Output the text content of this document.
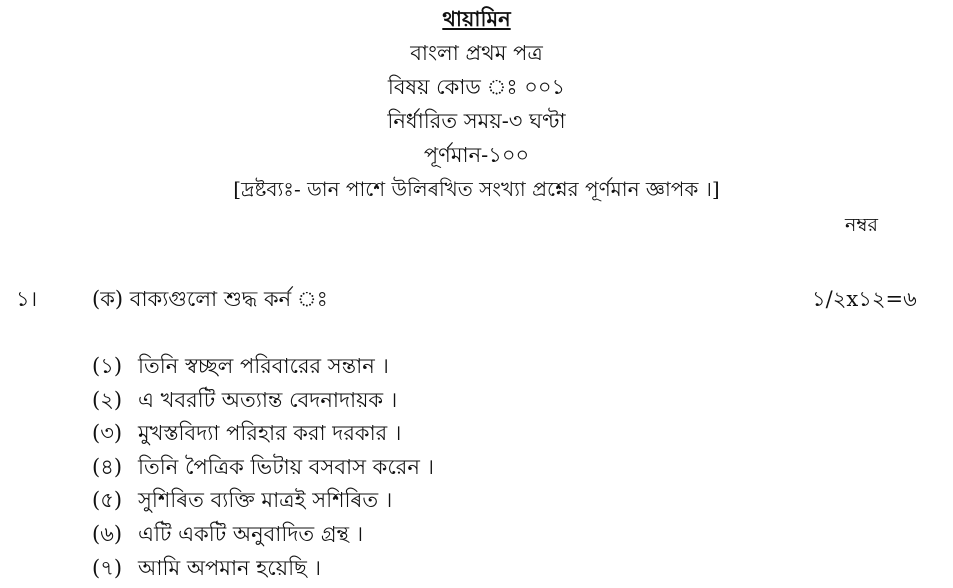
থায়ামিন
বাংলা প্রথম পত্র
বিষয় কোড ঃ ০০১
নির্ধারিত সময়-৩ ঘণ্টা
পূর্ণমান-১০০
[দ্রষ্টব্যঃ- ডান পাশে উলিৰখিত সংখ্যা প্রশ্নের পূর্ণমান জ্ঞাপক ।]
নম্বর
১।	(ক) বাক্যগুলো শুদ্ধ কর্ন ঃ	১/২x১২=৬
(১) তিনি স্বচ্ছল পরিবারের সন্তান ।
(২) এ খবরটি অত্যান্ত বেদনাদায়ক ।
(৩) মুখস্তবিদ্যা পরিহার করা দরকার ।
(৪) তিনি পৈত্রিক ভিটায় বসবাস করেন ।
(৫) সুশিৰিত ব্যক্তি মাত্রই সশিৰিত ।
(৬) এটি একটি অনুবাদিত গ্রন্থ ।
(৭) আমি অপমান হয়েছি ।
